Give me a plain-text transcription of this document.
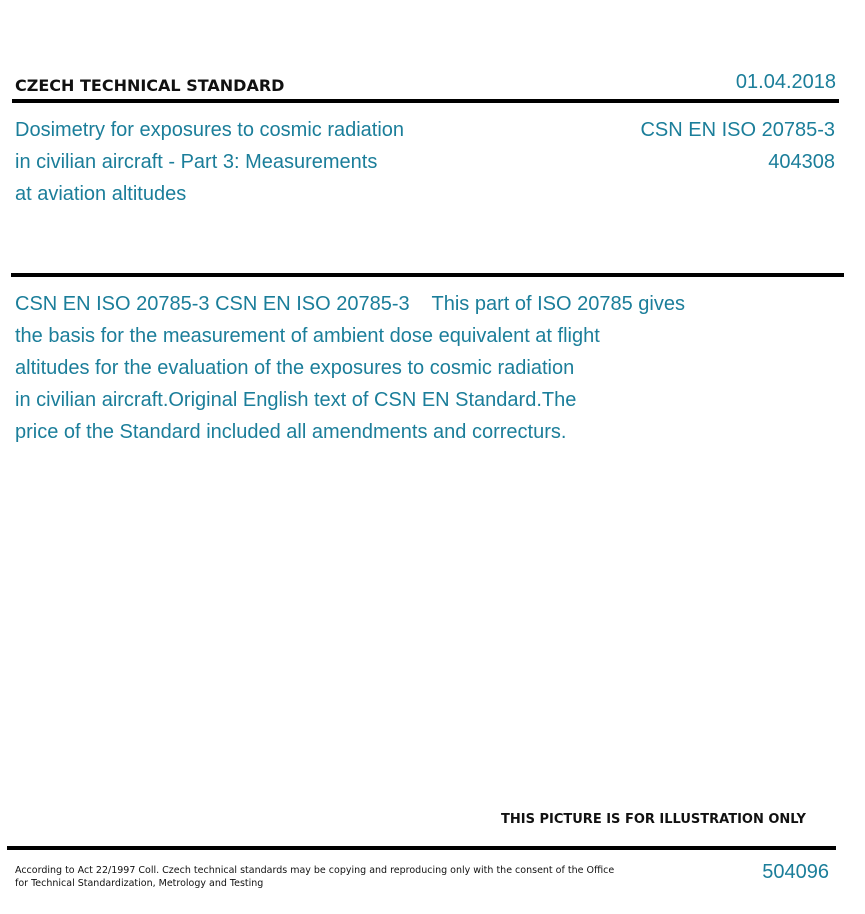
CZECH TECHNICAL STANDARD	01.04.2018
Dosimetry for exposures to cosmic radiation
in civilian aircraft - Part 3: Measurements
at aviation altitudes
CSN EN ISO 20785-3
404308
CSN EN ISO 20785-3 CSN EN ISO 20785-3    This part of ISO 20785 gives
the basis for the measurement of ambient dose equivalent at flight
altitudes for the evaluation of the exposures to cosmic radiation
in civilian aircraft.Original English text of CSN EN Standard.The
price of the Standard included all amendments and correcturs.
THIS PICTURE IS FOR ILLUSTRATION ONLY
According to Act 22/1997 Coll. Czech technical standards may be copying and reproducing only with the consent of the Office
for Technical Standardization, Metrology and Testing
504096
